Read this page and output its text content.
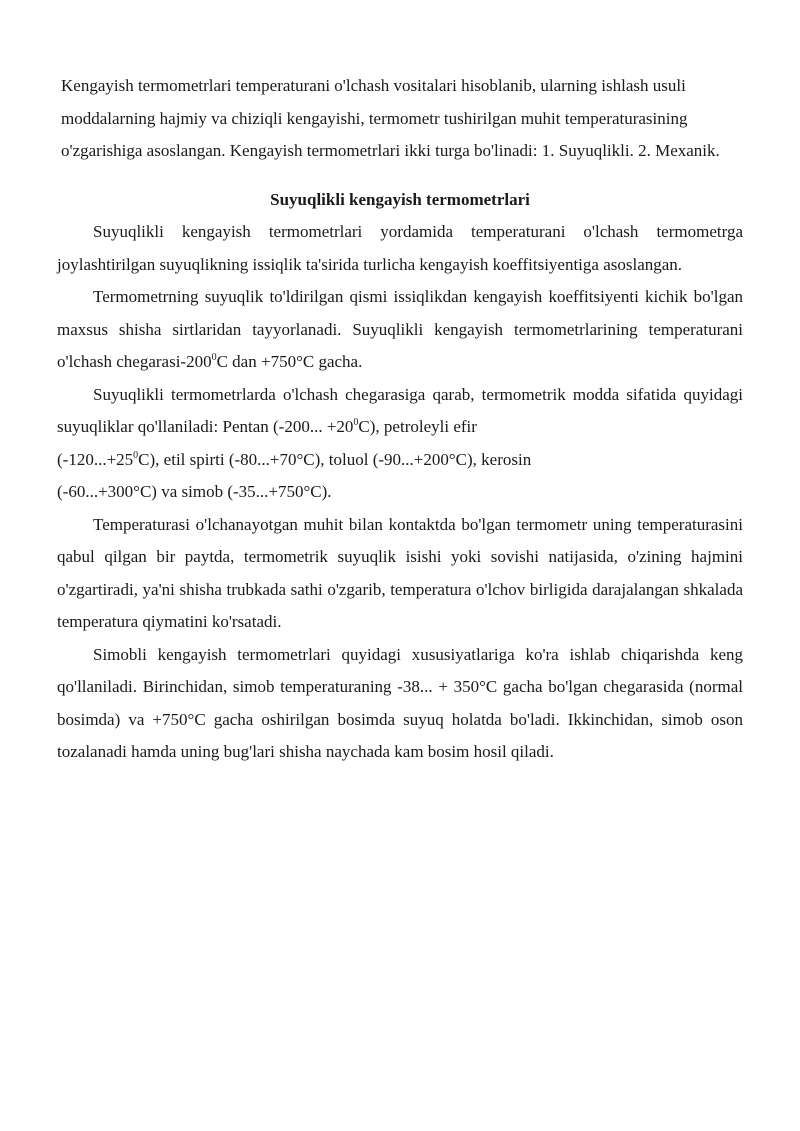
Kengayish termometrlari temperaturani o'lchash vositalari hisoblanib, ularning ishlash usuli
moddalarning hajmiy va chiziqli kengayishi, termometr tushirilgan muhit temperaturasining
o'zgarishiga asoslangan. Kengayish termometrlari ikki turga bo'linadi: 1. Suyuqlikli. 2. Mexanik.

Suyuqlikli kengayish termometrlari

Suyuqlikli kengayish termometrlari yordamida temperaturani o'lchash termometrga joylashtirilgan suyuqlikning issiqlik ta'sirida turlicha kengayish koeffitsiyentiga asoslangan.

Termometrning suyuqlik to'ldirilgan qismi issiqlikdan kengayish koeffitsiyenti kichik bo'lgan maxsus shisha sirtlaridan tayyorlanadi. Suyuqlikli kengayish termometrlarining temperaturani o'lchash chegarasi-$200^0C$ dan +750°C gacha.

Suyuqlikli termometrlarda o'lchash chegarasiga qarab, termometrik modda sifatida quyidagi suyuqliklar qo'llaniladi: Pentan (-200... $+20^0C$), petroleyli efir

$(-120...+25^0C)$, etil spirti (-80...+70°C), toluol (-90...+200°C), kerosin

(-60...+300°C) va simob (-35...+750°C).

Temperaturasi o'lchanayotgan muhit bilan kontaktda bo'lgan termometr uning temperaturasini qabul qilgan bir paytda, termometrik suyuqlik isishi yoki sovishi natijasida, o'zining hajmini o'zgartiradi, ya'ni shisha trubkada sathi o'zgarib, temperatura o'lchov birligida darajalangan shkalada temperatura qiymatini ko'rsatadi.

Simobli kengayish termometrlari quyidagi xususiyatlariga ko'ra ishlab chiqarishda keng qo'llaniladi. Birinchidan, simob temperaturaning -38... + 350°C gacha bo'lgan chegarasida (normal bosimda) va +750°C gacha oshirilgan bosimda suyuq holatda bo'ladi. Ikkinchidan, simob oson tozalanadi hamda uning bug'lari shisha naychada kam bosim hosil qiladi.
